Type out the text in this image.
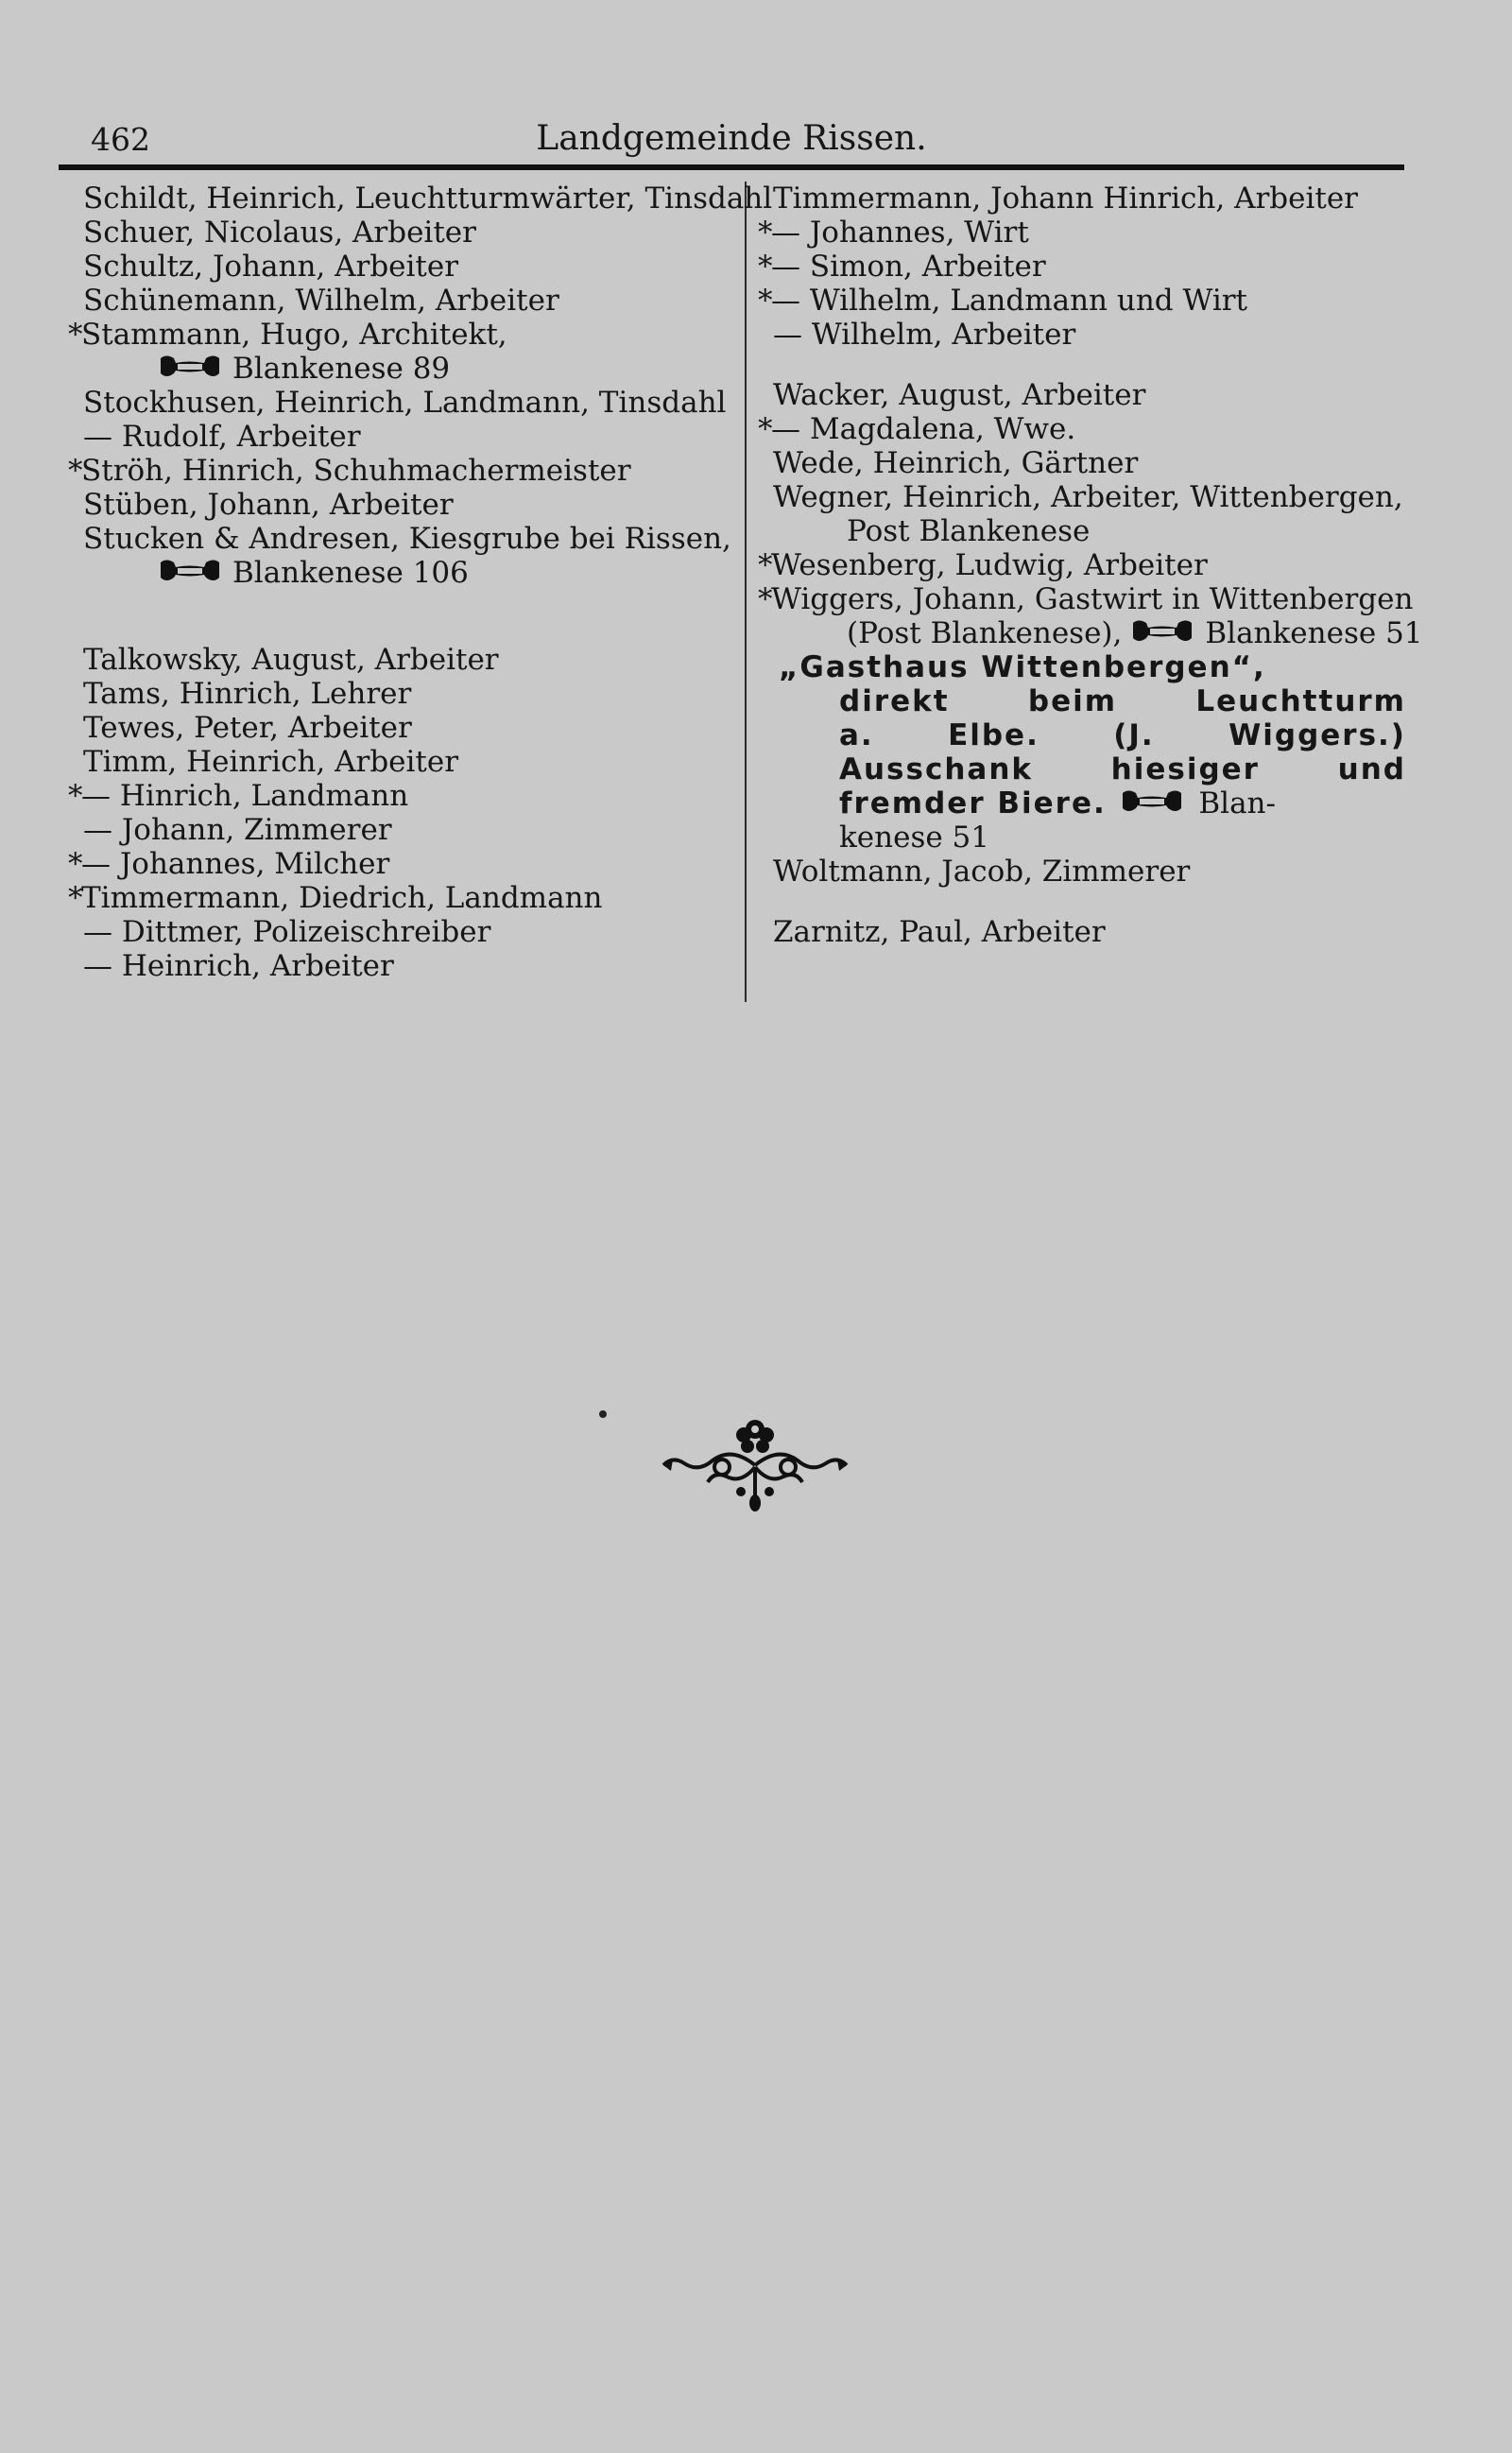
462	Landgemeinde Rissen.
Schildt, Heinrich, Leuchtturmwärter, Tinsdahl
Schuer, Nicolaus, Arbeiter
Schultz, Johann, Arbeiter
Schünemann, Wilhelm, Arbeiter
*Stammann, Hugo, Architekt,
Blankenese 89
Stockhusen, Heinrich, Landmann, Tinsdahl
— Rudolf, Arbeiter
*Ströh, Hinrich, Schuhmachermeister
Stüben, Johann, Arbeiter
Stucken & Andresen, Kiesgrube bei Rissen,
Blankenese 106
Talkowsky, August, Arbeiter
Tams, Hinrich, Lehrer
Tewes, Peter, Arbeiter
Timm, Heinrich, Arbeiter
*— Hinrich, Landmann
— Johann, Zimmerer
*— Johannes, Milcher
*Timmermann, Diedrich, Landmann
— Dittmer, Polizeischreiber
— Heinrich, Arbeiter
Timmermann, Johann Hinrich, Arbeiter
*— Johannes, Wirt
*— Simon, Arbeiter
*— Wilhelm, Landmann und Wirt
— Wilhelm, Arbeiter
Wacker, August, Arbeiter
*— Magdalena, Wwe.
Wede, Heinrich, Gärtner
Wegner, Heinrich, Arbeiter, Wittenbergen,
Post Blankenese
*Wesenberg, Ludwig, Arbeiter
*Wiggers, Johann, Gastwirt in Wittenbergen
(Post Blankenese),	Blankenese 51
„Gasthaus Wittenbergen“,
direkt	beim	Leuchtturm
a.	Elbe.	(J.	Wiggers.)
Ausschank	hiesiger	und
fremder Biere.	Blan-
kenese 51
Woltmann, Jacob, Zimmerer
Zarnitz, Paul, Arbeiter
